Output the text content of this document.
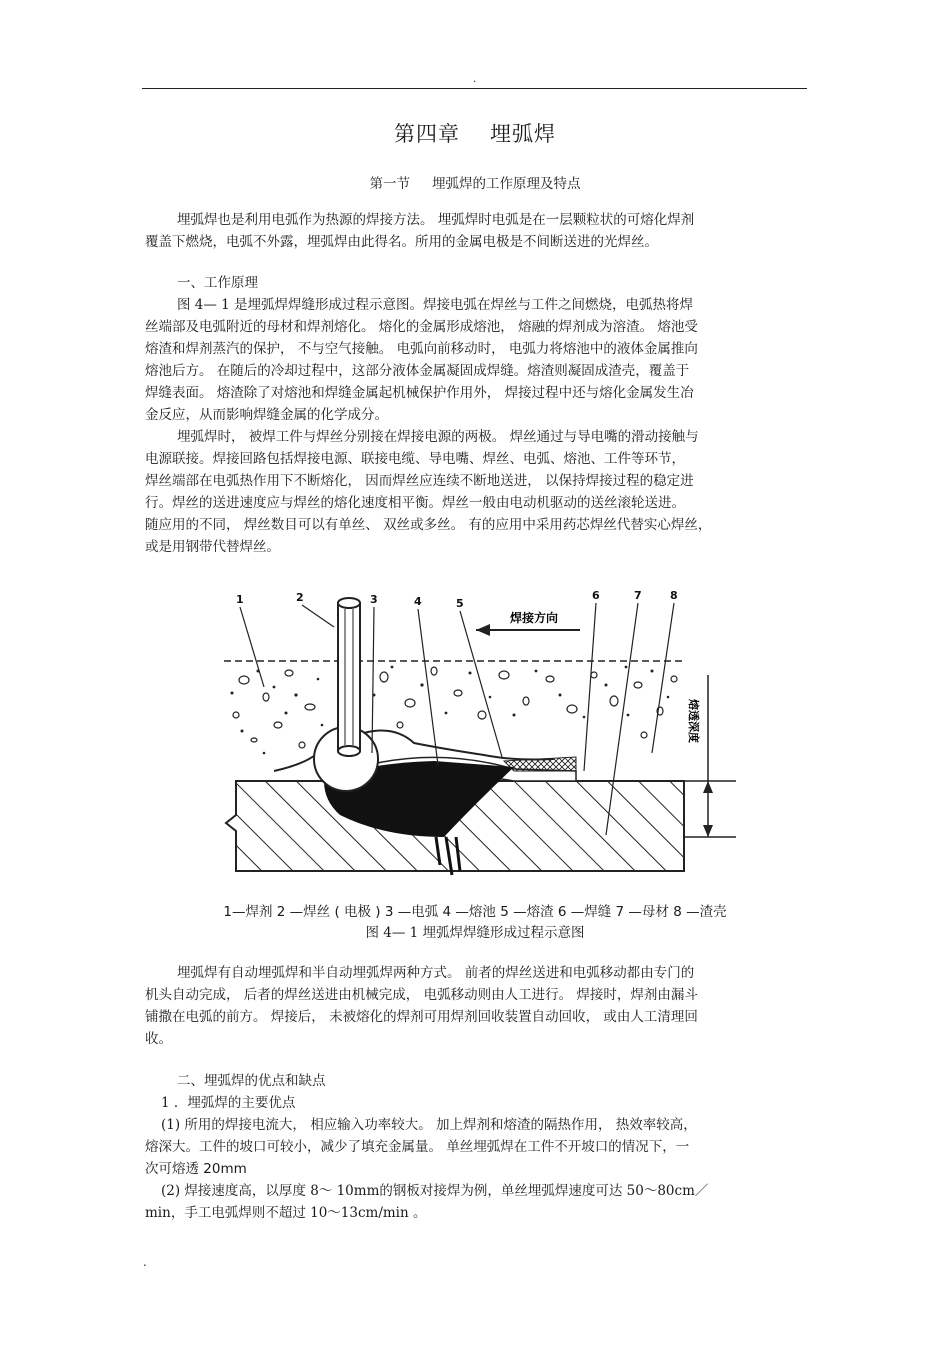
.
第四章 埋弧焊
第一节 埋弧焊的工作原理及特点
埋弧焊也是利用电弧作为热源的焊接方法。 埋弧焊时电弧是在一层颗粒状的可熔化焊剂
覆盖下燃烧，电弧不外露，埋弧焊由此得名。所用的金属电极是不间断送进的光焊丝。
一、工作原理
图 4— 1 是埋弧焊焊缝形成过程示意图。焊接电弧在焊丝与工件之间燃烧，电弧热将焊
丝端部及电弧附近的母材和焊剂熔化。 熔化的金属形成熔池， 熔融的焊剂成为溶渣。 熔池受
熔渣和焊剂蒸汽的保护， 不与空气接触。 电弧向前移动时， 电弧力将熔池中的液体金属推向
熔池后方。 在随后的冷却过程中，这部分液体金属凝固成焊缝。熔渣则凝固成渣壳，覆盖于
焊缝表面。 熔渣除了对熔池和焊缝金属起机械保护作用外， 焊接过程中还与熔化金属发生冶
金反应，从而影响焊缝金属的化学成分。
埋弧焊时， 被焊工件与焊丝分别接在焊接电源的两极。 焊丝通过与导电嘴的滑动接触与
电源联接。焊接回路包括焊接电源、联接电缆、导电嘴、焊丝、电弧、熔池、工件等环节，
焊丝端部在电弧热作用下不断熔化， 因而焊丝应连续不断地送进， 以保持焊接过程的稳定进
行。焊丝的送进速度应与焊丝的熔化速度相平衡。焊丝一般由电动机驱动的送丝滚轮送进。
随应用的不同， 焊丝数目可以有单丝、 双丝或多丝。 有的应用中采用药芯焊丝代替实心焊丝，
或是用钢带代替焊丝。
焊接方向
熔透深度
1	2	3	4	5
6	7	8
1—焊剂 2 —焊丝 ( 电极 ) 3 —电弧 4 —熔池 5 —熔渣 6 —焊缝 7 —母材 8 —渣壳
图 4— 1 埋弧焊焊缝形成过程示意图
埋弧焊有自动埋弧焊和半自动埋弧焊两种方式。 前者的焊丝送进和电弧移动都由专门的
机头自动完成， 后者的焊丝送进由机械完成， 电弧移动则由人工进行。 焊接时，焊剂由漏斗
铺撒在电弧的前方。 焊接后， 未被熔化的焊剂可用焊剂回收装置自动回收， 或由人工清理回
收。
二、埋弧焊的优点和缺点
1 ．埋弧焊的主要优点
(1) 所用的焊接电流大， 相应输入功率较大。 加上焊剂和熔渣的隔热作用， 热效率较高，
熔深大。工件的坡口可较小，减少了填充金属量。 单丝埋弧焊在工件不开坡口的情况下，一
次可熔透 20mm
(2) 焊接速度高，以厚度 8～ 10mm的钢板对接焊为例，单丝埋弧焊速度可达 50～80cm／
min，手工电弧焊则不超过 10～13cm/min 。
.
